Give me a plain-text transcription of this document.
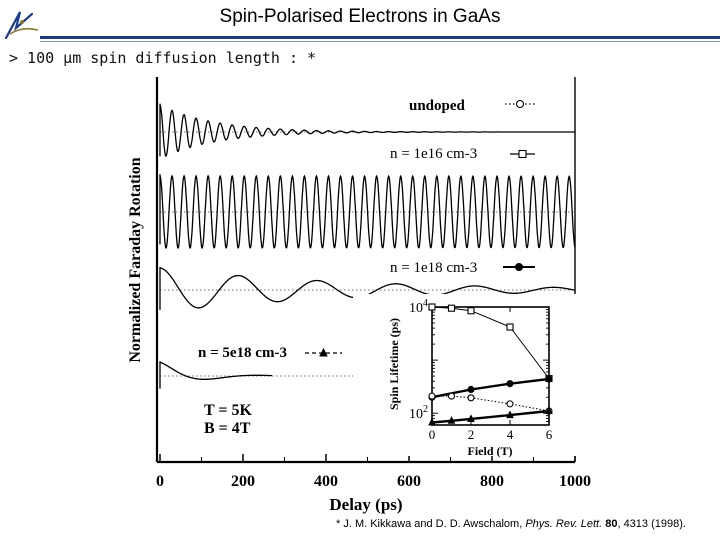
Spin-Polarised Electrons in GaAs
> 100 µm spin diffusion length : *
0	200	400	600	800	1000
undoped
n = 1e16 cm-3
n = 1e18 cm-3
n = 5e18 cm-3
Normalized Faraday Rotation
Delay (ps)
T = 5K
B = 4T	0	2	4	6
$10^4$
$10^2$
Spin Lifetime (ps)
Field (T)
* J. M. Kikkawa and D. D. Awschalom, Phys. Rev. Lett. 80, 4313 (1998).
